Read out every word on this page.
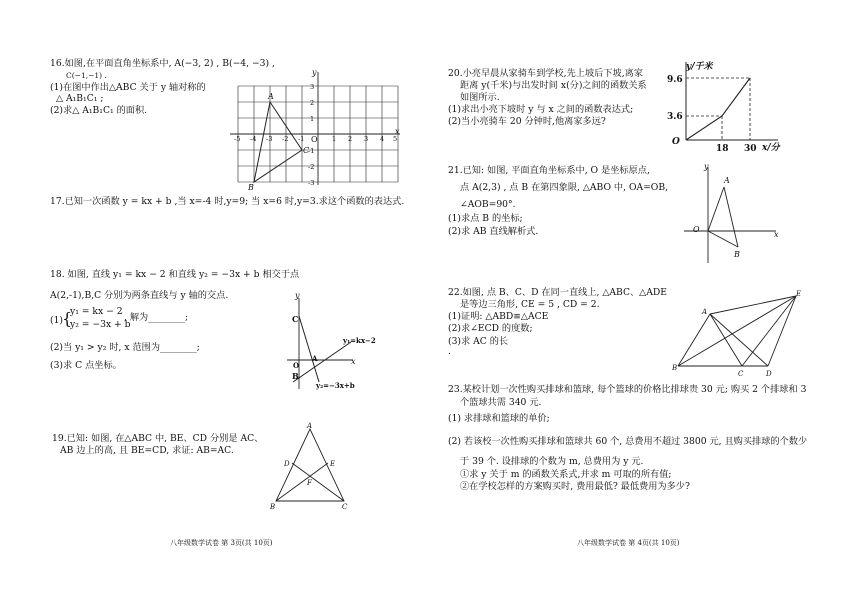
16.如图,在平面直角坐标系中, A(−3, 2) , B(−4, −3) ,
C(−1,−1) .
(1)在图中作出△ABC 关于 y 轴对称的
△ A₁B₁C₁ ;
(2)求△ A₁B₁C₁ 的面积.
-5 -4 -3 -2 -1 O 1 2 3 4 5
3
2
1
-1
-2
-3
x
y
A
B
C
17.已知一次函数 y = kx + b ,当 x=-4 时,y=9; 当 x=6 时,y=3.求这个函数的表达式.
18. 如图, 直线 y₁ = kx − 2 和直线 y₂ = −3x + b 相交于点
A(2,-1),B,C 分别为两条直线与 y 轴的交点.
(1)
{
y₁ = kx − 2
y₂ = −3x + b
, 解为________;
(2)当 y₁ > y₂ 时, x 范围为________;
(3)求 C 点坐标。
y
x
C
A
O
B
y₁=kx−2
y₂=−3x+b
19.已知: 如图, 在△ABC 中, BE、CD 分别是 AC、
AB 边上的高, 且 BE=CD, 求证: AB=AC.
A
B	C
D	E
F
20.小亮早晨从家骑车到学校,先上坡后下坡,离家
距离 y(千米)与出发时间 x(分)之间的函数关系
如图所示.
(1)求出小亮下坡时 y 与 x 之间的函数表达式;
(2)当小亮骑车 20 分钟时,他离家多远?
y/千米
x/分
9.6
3.6
18 30
O
21.已知: 如图, 平面直角坐标系中, O 是坐标原点,
点 A(2,3) , 点 B 在第四象限, △ABO 中, OA=OB,
∠AOB=90°.
(1)求点 B 的坐标;
(2)求 AB 直线解析式.
y
x
A
B
O
22.如图, 点 B、C、D 在同一直线上, △ABC、△ADE
是等边三角形, CE = 5 , CD = 2.
(1)证明: △ABD≌△ACE
(2)求∠ECD 的度数;
(3)求 AC 的长
.
A
B
C	D
E
23.某校计划一次性购买排球和篮球, 每个篮球的价格比排球贵 30 元; 购买 2 个排球和 3
个篮球共需 340 元.
(1) 求排球和篮球的单价;
(2) 若该校一次性购买排球和篮球共 60 个, 总费用不超过 3800 元, 且购买排球的个数少
于 39 个. 设排球的个数为 m, 总费用为 y 元.
①求 y 关于 m 的函数关系式,并求 m 可取的所有值;
②在学校怎样的方案购买时, 费用最低? 最低费用为多少?
八年级数学试卷 第 3页(共 10页)	八年级数学试卷 第 4页(共 10页)
